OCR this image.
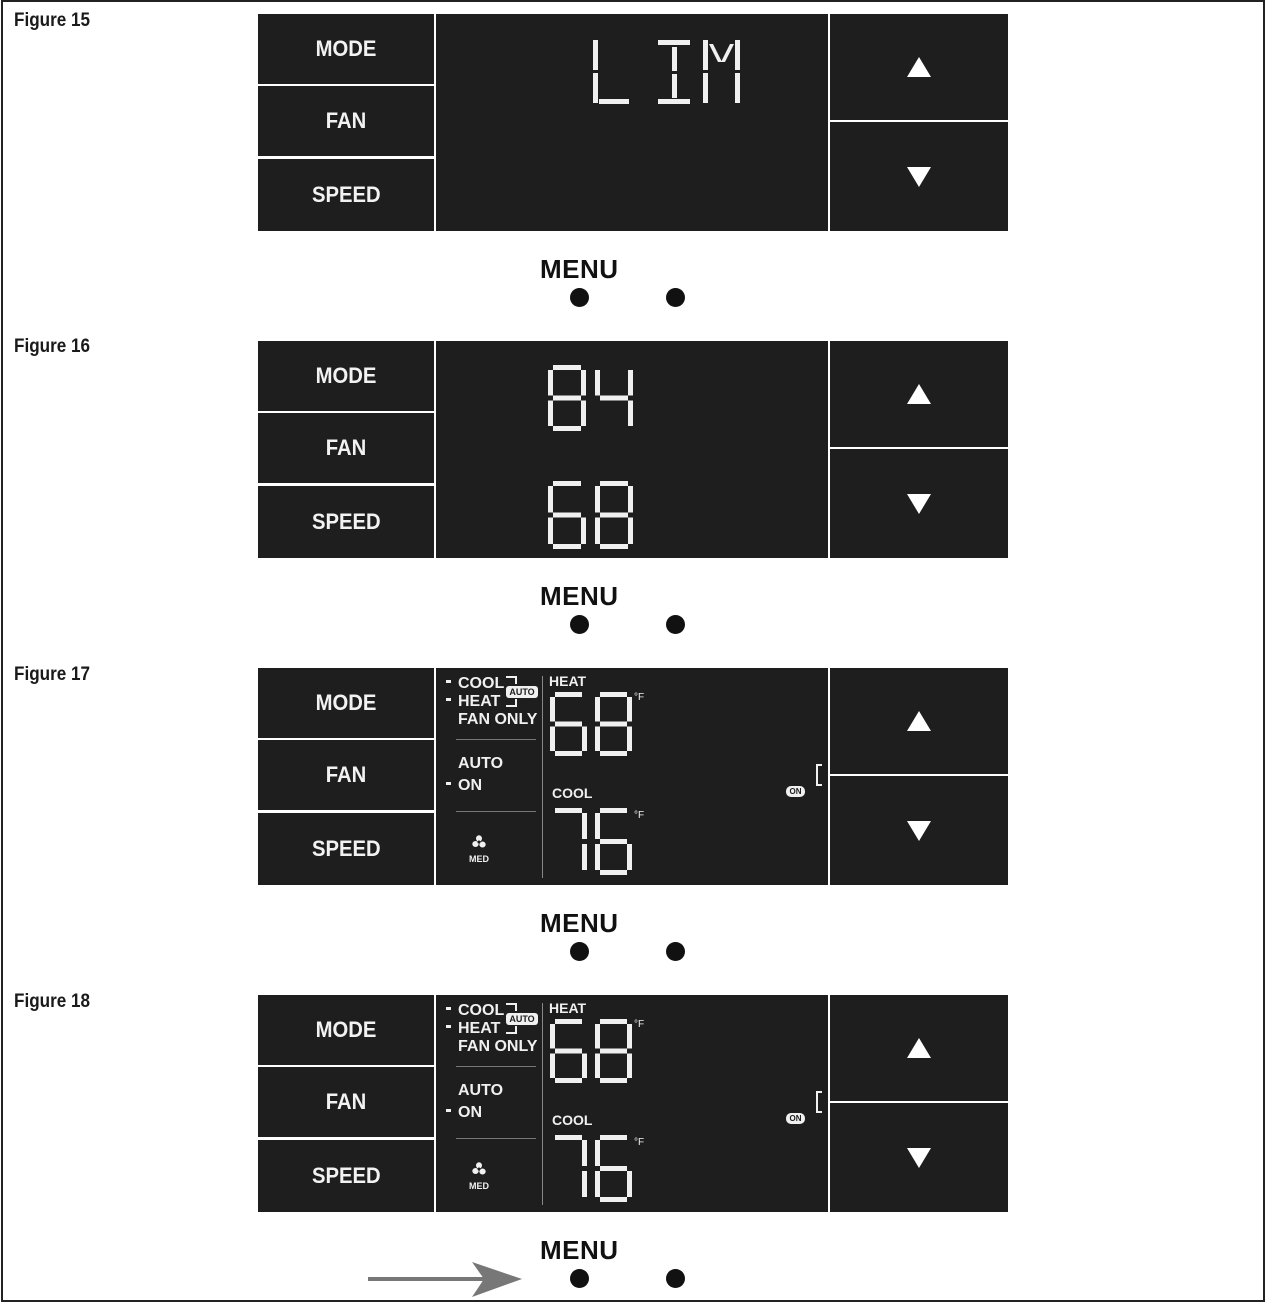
Figure 15
MODE
FAN
SPEED
MENU
Figure 16
MODE
FAN
SPEED
MENU
Figure 17
MODE
FAN
SPEED
COOL
HEAT
AUTO
FAN ONLY
AUTO
ON
MED
HEAT
°F
COOL
°F
ON
MENU
Figure 18
MODE
FAN
SPEED
COOL
HEAT
AUTO
FAN ONLY
AUTO
ON
MED
HEAT
°F
COOL
°F
ON
MENU
